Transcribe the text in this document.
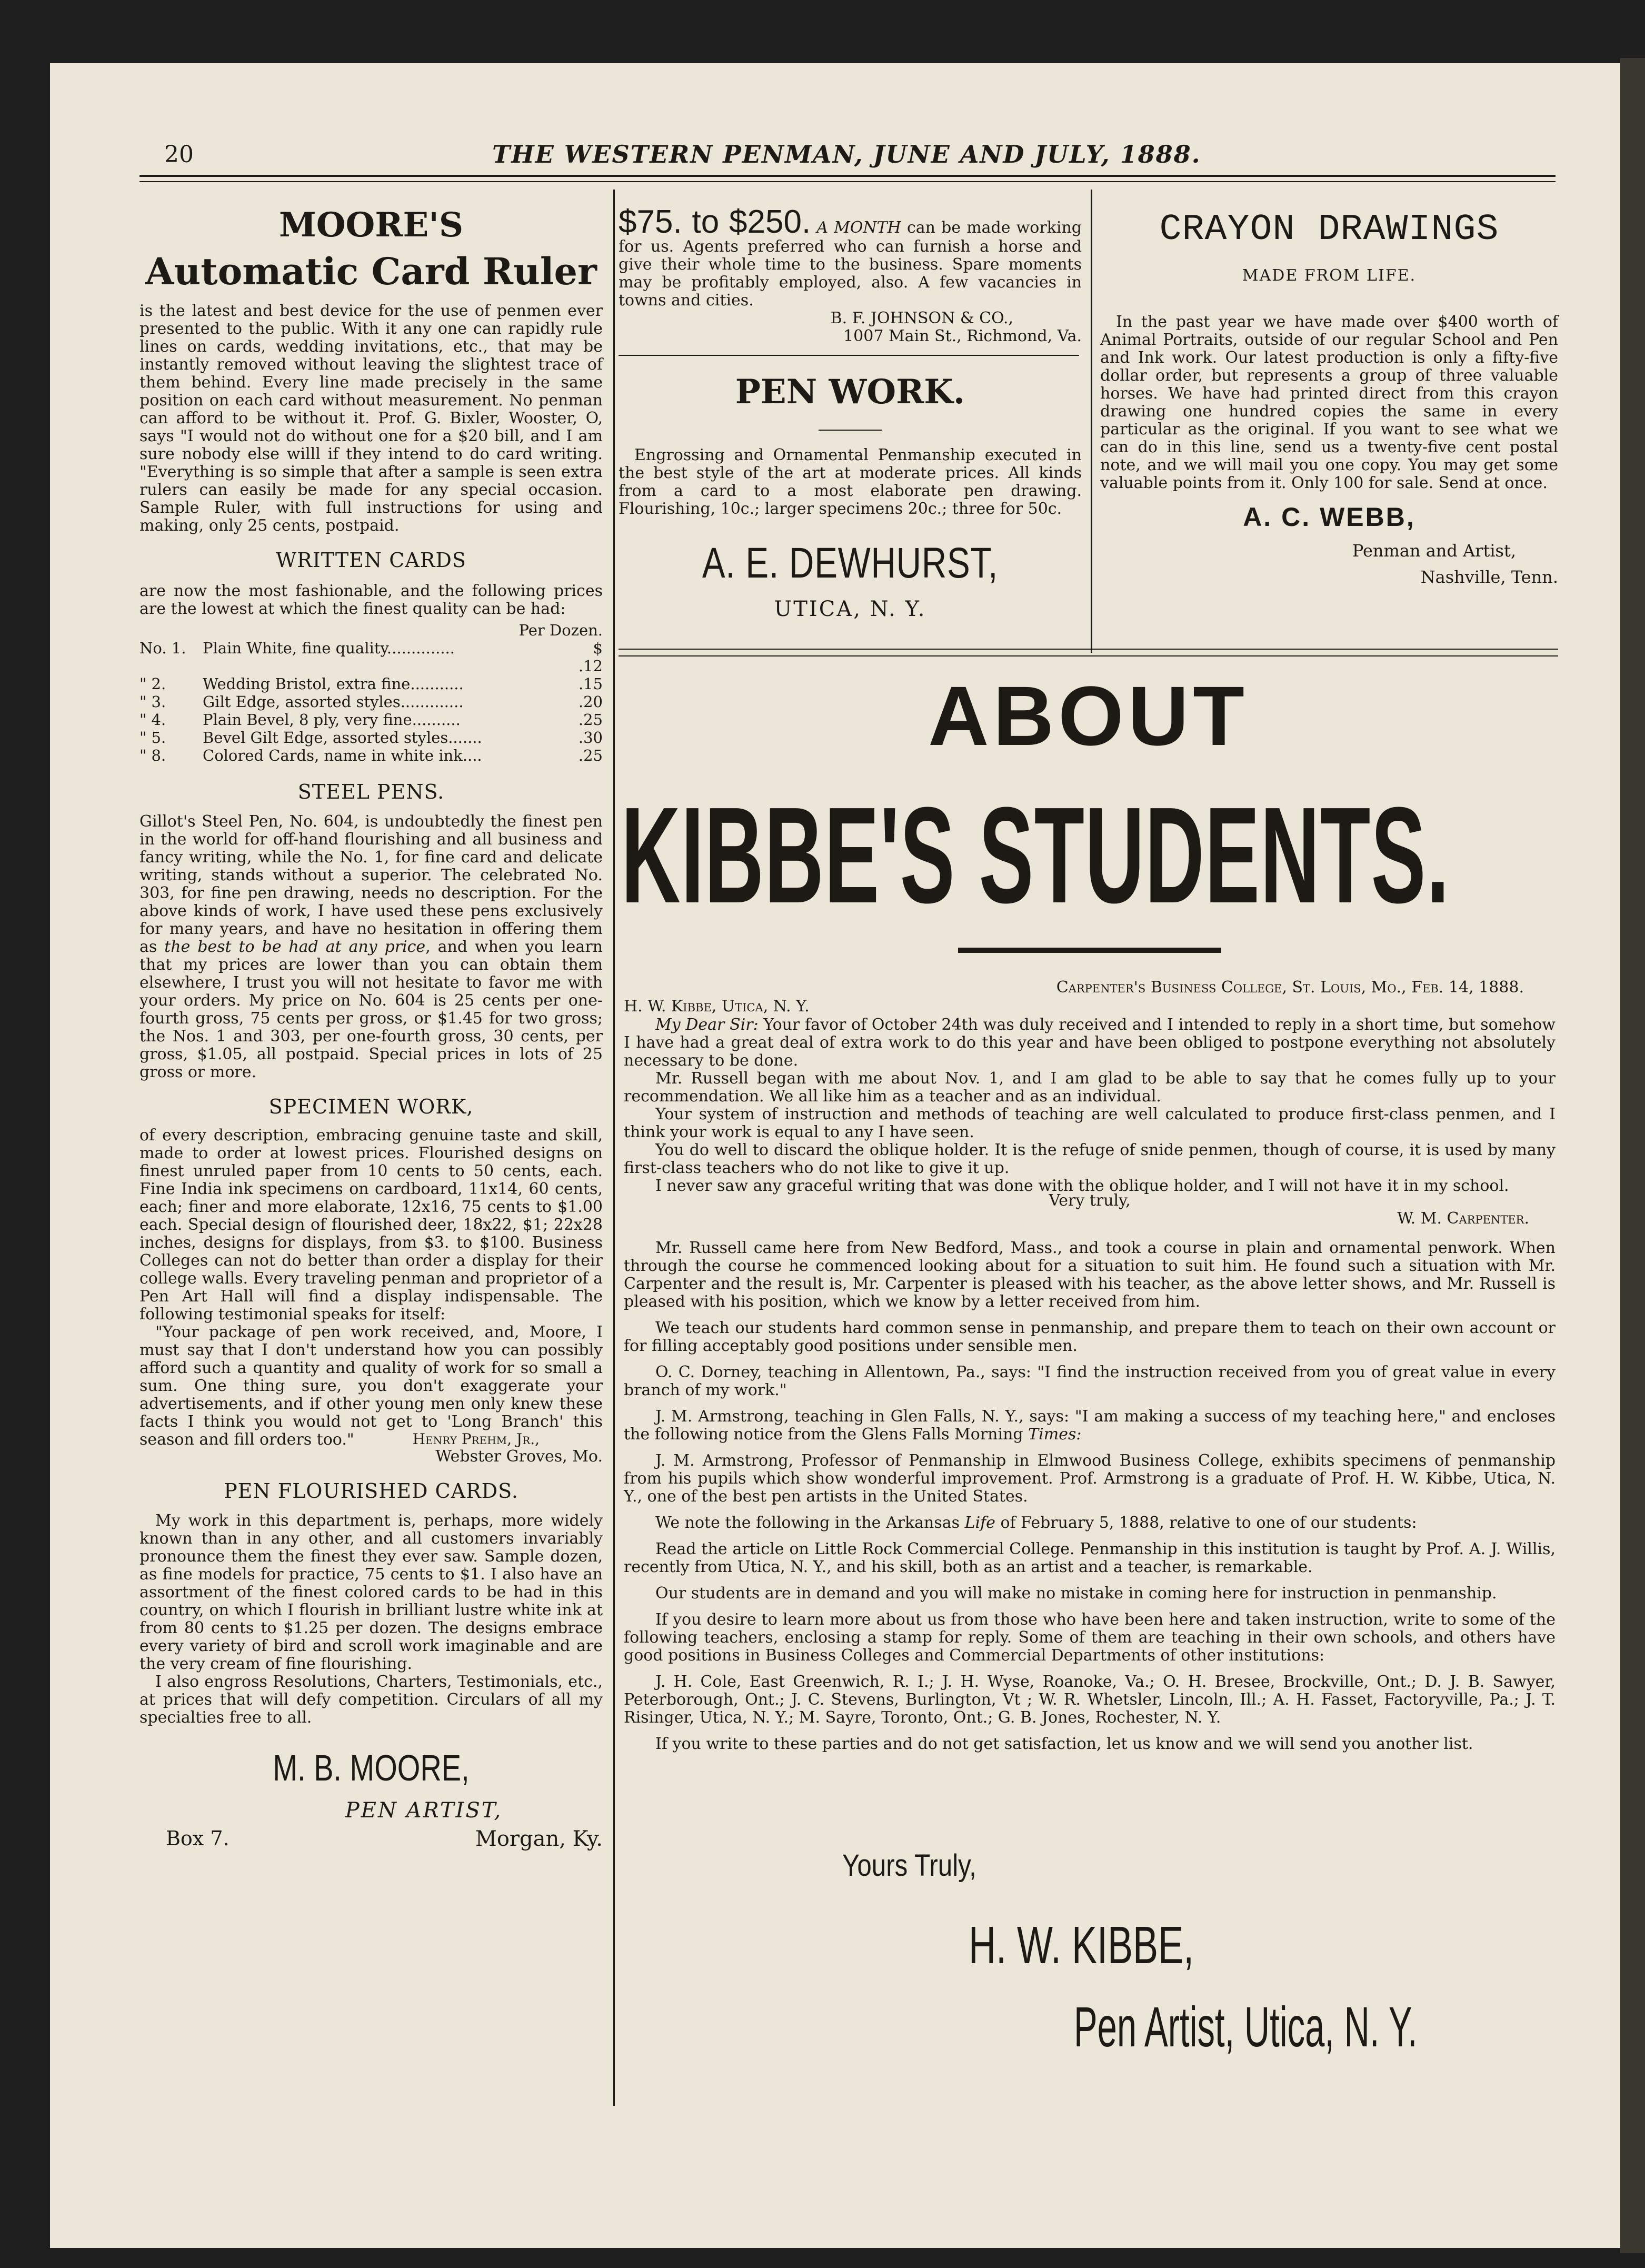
20	THE WESTERN PENMAN, JUNE AND JULY, 1888.
MOORE'S
Automatic Card Ruler
is the latest and best device for the use of penmen ever presented to the public. With it any one can rapidly rule lines on cards, wedding invitations, etc., that may be instantly removed without leaving the slightest trace of them behind. Every line made precisely in the same position on each card without measurement. No penman can afford to be without it. Prof. G. Bixler, Wooster, O, says "I would not do without one for a $20 bill, and I am sure nobody else willl if they intend to do card writing. "Everything is so simple that after a sample is seen extra rulers can easily be made for any special occasion. Sample Ruler, with full instructions for using and making, only 25 cents, postpaid.
WRITTEN CARDS
are now the most fashionable, and the following prices are the lowest at which the finest quality can be had:
Per Dozen.
No. 1.	Plain White, fine quality..............	$ .12
" 2.	Wedding Bristol, extra fine...........	.15
" 3.	Gilt Edge, assorted styles.............	.20
" 4.	Plain Bevel, 8 ply, very fine..........	.25
" 5.	Bevel Gilt Edge, assorted styles.......	.30
" 8.	Colored Cards, name in white ink....	.25
STEEL PENS.
Gillot's Steel Pen, No. 604, is undoubtedly the finest pen in the world for off-hand flourishing and all business and fancy writing, while the No. 1, for fine card and delicate writing, stands without a superior. The celebrated No. 303, for fine pen drawing, needs no description. For the above kinds of work, I have used these pens exclusively for many years, and have no hesitation in offering them as the best to be had at any price, and when you learn that my prices are lower than you can obtain them elsewhere, I trust you will not hesitate to favor me with your orders. My price on No. 604 is 25 cents per one-fourth gross, 75 cents per gross, or $1.45 for two gross; the Nos. 1 and 303, per one-fourth gross, 30 cents, per gross, $1.05, all postpaid. Special prices in lots of 25 gross or more.
SPECIMEN WORK,
of every description, embracing genuine taste and skill, made to order at lowest prices. Flourished designs on finest unruled paper from 10 cents to 50 cents, each. Fine India ink specimens on cardboard, 11x14, 60 cents, each; finer and more elaborate, 12x16, 75 cents to $1.00 each. Special design of flourished deer, 18x22, $1; 22x28 inches, designs for displays, from $3. to $100. Business Colleges can not do better than order a display for their college walls. Every traveling penman and proprietor of a Pen Art Hall will find a display indispensable. The following testimonial speaks for itself:
"Your package of pen work received, and, Moore, I must say that I don't understand how you can possibly afford such a quantity and quality of work for so small a sum. One thing sure, you don't exaggerate your advertisements, and if other young men only knew these facts I think you would not get to 'Long Branch' this season and fill orders too."	Henry Prehm, Jr.,
Webster Groves, Mo.
PEN FLOURISHED CARDS.
My work in this department is, perhaps, more widely known than in any other, and all customers invariably pronounce them the finest they ever saw. Sample dozen, as fine models for practice, 75 cents to $1. I also have an assortment of the finest colored cards to be had in this country, on which I flourish in brilliant lustre white ink at from 80 cents to $1.25 per dozen. The designs embrace every variety of bird and scroll work imaginable and are the very cream of fine flourishing.
I also engross Resolutions, Charters, Testimonials, etc., at prices that will defy competition. Circulars of all my specialties free to all.
M. B. MOORE,
PEN ARTIST,
Box 7.	Morgan, Ky.
$75. to $250. A MONTH can be made working for us. Agents preferred who can furnish a horse and give their whole time to the business. Spare moments may be profitably employed, also. A few vacancies in towns and cities.
B. F. JOHNSON & CO.,
1007 Main St., Richmond, Va.
PEN WORK.
Engrossing and Ornamental Penmanship executed in the best style of the art at moderate prices. All kinds from a card to a most elaborate pen drawing. Flourishing, 10c.; larger specimens 20c.; three for 50c.
A. E. DEWHURST,
UTICA, N. Y.
CRAYON DRAWINGS
MADE FROM LIFE.
In the past year we have made over $400 worth of Animal Portraits, outside of our regular School and Pen and Ink work. Our latest production is only a fifty-five dollar order, but represents a group of three valuable horses. We have had printed direct from this crayon drawing one hundred copies the same in every particular as the original. If you want to see what we can do in this line, send us a twenty-five cent postal note, and we will mail you one copy. You may get some valuable points from it. Only 100 for sale. Send at once.
A. C. WEBB,
Penman and Artist,
Nashville, Tenn.
ABOUT
KIBBE'S STUDENTS.
Carpenter's Business College, St. Louis, Mo., Feb. 14, 1888.
H. W. Kibbe, Utica, N. Y.
My Dear Sir: Your favor of October 24th was duly received and I intended to reply in a short time, but somehow I have had a great deal of extra work to do this year and have been obliged to postpone everything not absolutely necessary to be done.
Mr. Russell began with me about Nov. 1, and I am glad to be able to say that he comes fully up to your recommendation. We all like him as a teacher and as an individual.
Your system of instruction and methods of teaching are well calculated to produce first-class penmen, and I think your work is equal to any I have seen.
You do well to discard the oblique holder. It is the refuge of snide penmen, though of course, it is used by many first-class teachers who do not like to give it up.
I never saw any graceful writing that was done with the oblique holder, and I will not have it in my school.
Very truly,
W. M. Carpenter.
Mr. Russell came here from New Bedford, Mass., and took a course in plain and ornamental penwork. When through the course he commenced looking about for a situation to suit him. He found such a situation with Mr. Carpenter and the result is, Mr. Carpenter is pleased with his teacher, as the above letter shows, and Mr. Russell is pleased with his position, which we know by a letter received from him.
We teach our students hard common sense in penmanship, and prepare them to teach on their own account or for filling acceptably good positions under sensible men.
O. C. Dorney, teaching in Allentown, Pa., says: "I find the instruction received from you of great value in every branch of my work."
J. M. Armstrong, teaching in Glen Falls, N. Y., says: "I am making a success of my teaching here," and encloses the following notice from the Glens Falls Morning Times:
J. M. Armstrong, Professor of Penmanship in Elmwood Business College, exhibits specimens of penmanship from his pupils which show wonderful improvement. Prof. Armstrong is a graduate of Prof. H. W. Kibbe, Utica, N. Y., one of the best pen artists in the United States.
We note the following in the Arkansas Life of February 5, 1888, relative to one of our students:
Read the article on Little Rock Commercial College. Penmanship in this institution is taught by Prof. A. J. Willis, recently from Utica, N. Y., and his skill, both as an artist and a teacher, is remarkable.
Our students are in demand and you will make no mistake in coming here for instruction in penmanship.
If you desire to learn more about us from those who have been here and taken instruction, write to some of the following teachers, enclosing a stamp for reply. Some of them are teaching in their own schools, and others have good positions in Business Colleges and Commercial Departments of other institutions:
J. H. Cole, East Greenwich, R. I.; J. H. Wyse, Roanoke, Va.; O. H. Bresee, Brockville, Ont.; D. J. B. Sawyer, Peterborough, Ont.; J. C. Stevens, Burlington, Vt ; W. R. Whetsler, Lincoln, Ill.; A. H. Fasset, Factoryville, Pa.; J. T. Risinger, Utica, N. Y.; M. Sayre, Toronto, Ont.; G. B. Jones, Rochester, N. Y.
If you write to these parties and do not get satisfaction, let us know and we will send you another list.
Yours Truly,
H. W. KIBBE,
Pen Artist, Utica, N. Y.
